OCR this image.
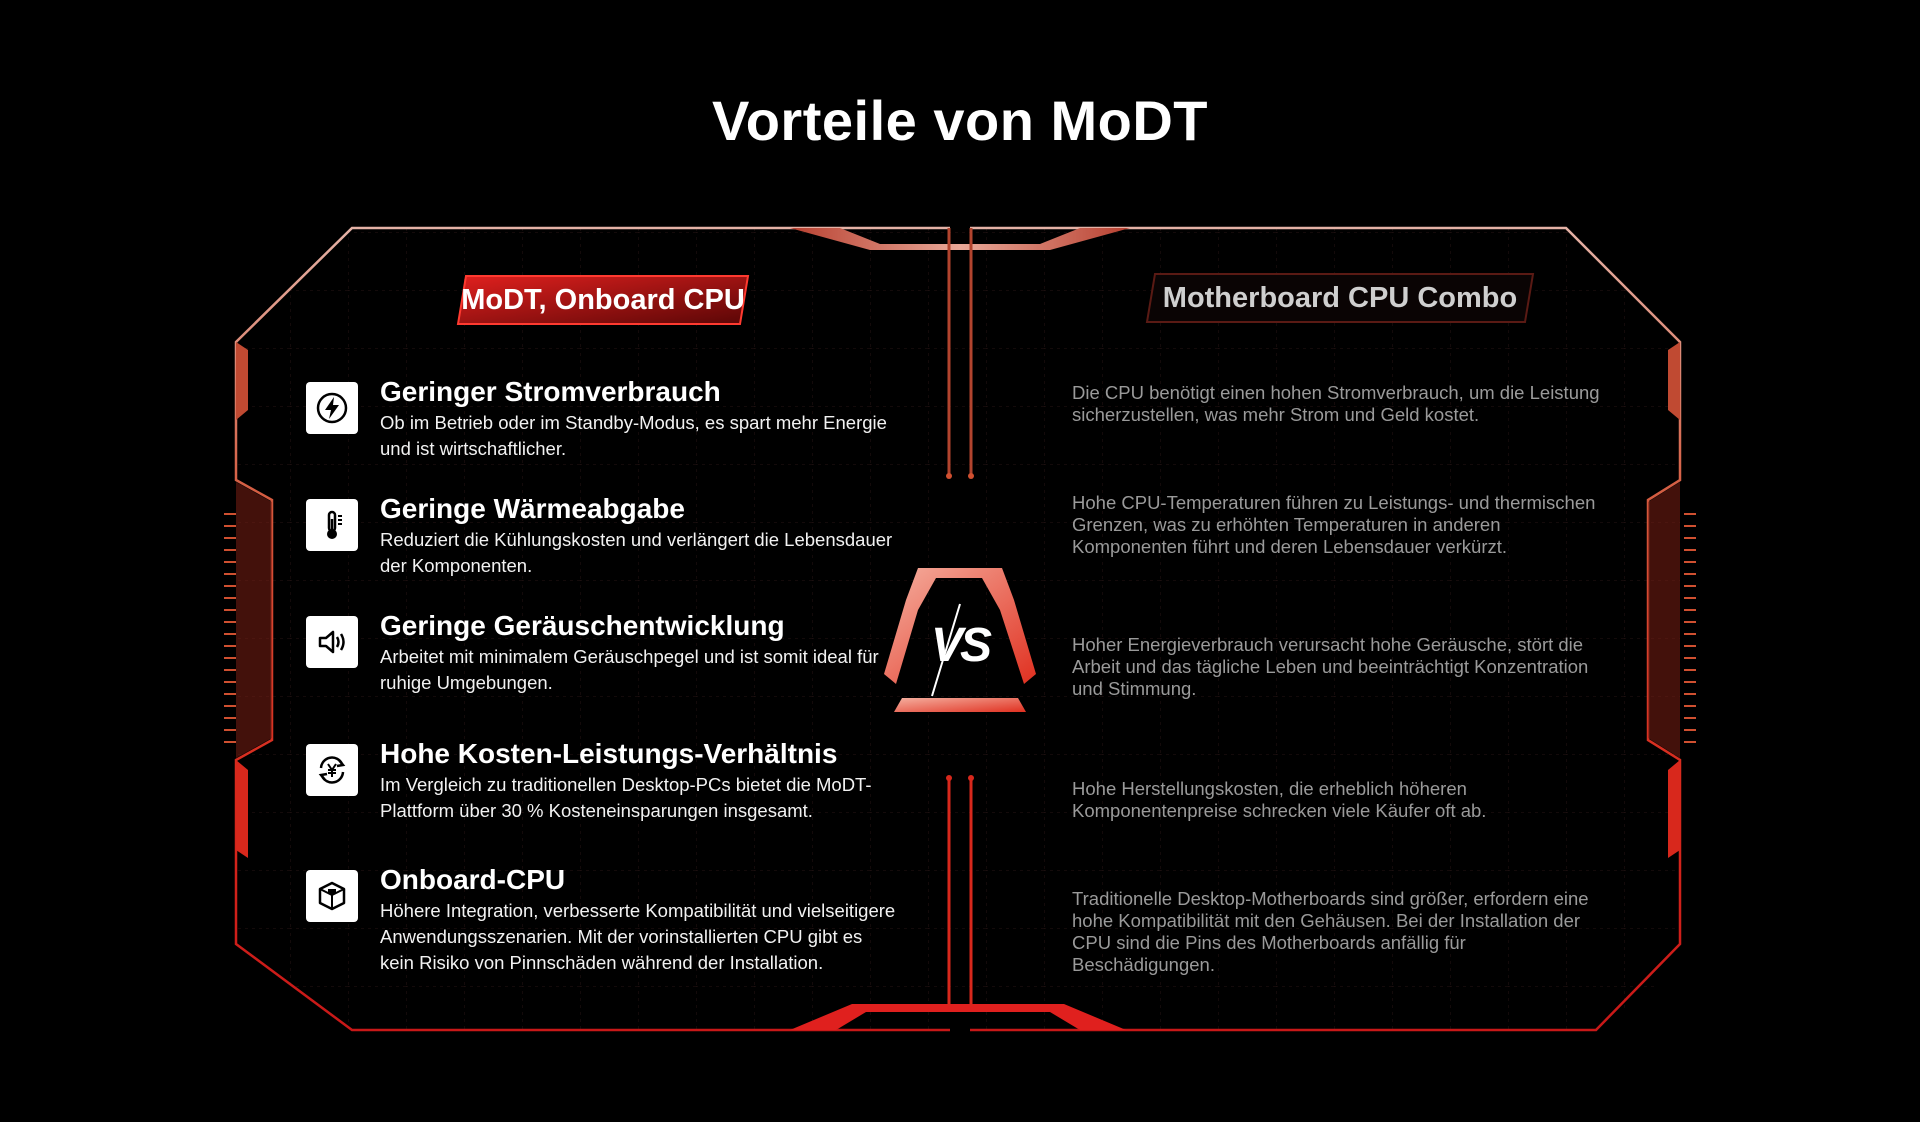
Vorteile von MoDT
VS
MoDT, Onboard CPU	Motherboard CPU Combo
Geringer Stromverbrauch

Ob im Betrieb oder im Standby-Modus, es spart mehr Energie und ist wirtschaftlicher.

Geringe Wärmeabgabe

Reduziert die Kühlungskosten und verlängert die Lebensdauer der Komponenten.

Geringe Geräuschentwicklung

Arbeitet mit minimalem Geräuschpegel und ist somit ideal für ruhige Umgebungen.

Hohe Kosten-Leistungs-Verhältnis

Im Vergleich zu traditionellen Desktop-PCs bietet die MoDT-Plattform über 30 % Kosteneinsparungen insgesamt.

Onboard-CPU

Höhere Integration, verbesserte Kompatibilität und vielseitigere Anwendungsszenarien. Mit der vorinstallierten CPU gibt es kein Risiko von Pinnschäden während der Installation.

Die CPU benötigt einen hohen Stromverbrauch, um die Leistung sicherzustellen, was mehr Strom und Geld kostet.

Hohe CPU-Temperaturen führen zu Leistungs- und thermischen Grenzen, was zu erhöhten Temperaturen in anderen Komponenten führt und deren Lebensdauer verkürzt.

Hoher Energieverbrauch verursacht hohe Geräusche, stört die Arbeit und das tägliche Leben und beeinträchtigt Konzentration und Stimmung.

Hohe Herstellungskosten, die erheblich höheren Komponentenpreise schrecken viele Käufer oft ab.

Traditionelle Desktop-Motherboards sind größer, erfordern eine hohe Kompatibilität mit den Gehäusen. Bei der Installation der CPU sind die Pins des Motherboards anfällig für Beschädigungen.
